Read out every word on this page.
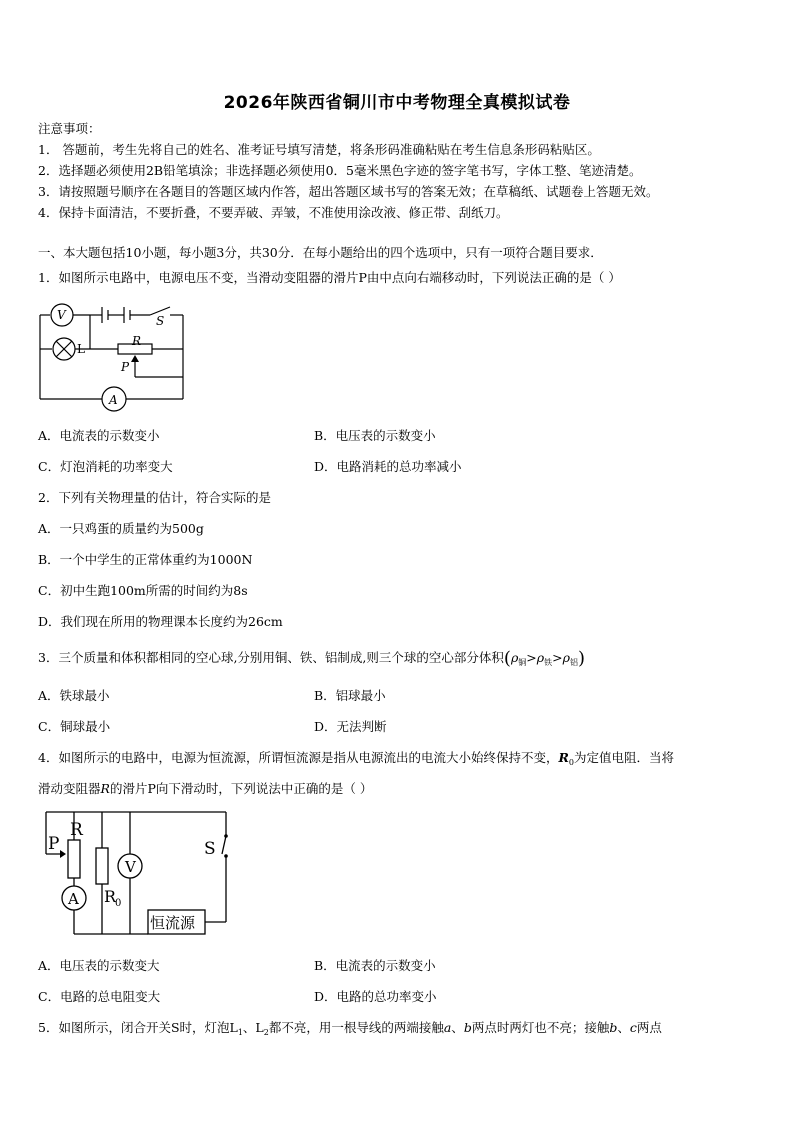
2026年陕西省铜川市中考物理全真模拟试卷
注意事项：
1． 答题前，考生先将自己的姓名、准考证号填写清楚，将条形码准确粘贴在考生信息条形码粘贴区。
2．选择题必须使用2B铅笔填涂；非选择题必须使用0．5毫米黑色字迹的签字笔书写，字体工整、笔迹清楚。
3．请按照题号顺序在各题目的答题区域内作答，超出答题区域书写的答案无效；在草稿纸、试题卷上答题无效。
4．保持卡面清洁，不要折叠，不要弄破、弄皱，不准使用涂改液、修正带、刮纸刀。
一、本大题包括10小题，每小题3分，共30分．在每小题给出的四个选项中，只有一项符合题目要求．
1．如图所示电路中，电源电压不变，当滑动变阻器的滑片P由中点向右端移动时，下列说法正确的是（ ）
V
A
R
P
S
L
A．电流表的示数变小	B．电压表的示数变小
C．灯泡消耗的功率变大	D．电路消耗的总功率减小
2．下列有关物理量的估计，符合实际的是
A．一只鸡蛋的质量约为500g
B．一个中学生的正常体重约为1000N
C．初中生跑100m所需的时间约为8s
D．我们现在所用的物理课本长度约为26cm
3．三个质量和体积都相同的空心球,分别用铜、铁、铝制成,则三个球的空心部分体积$(\rho_铜>\rho_铁>\rho_铝)$
A．铁球最小	B．铝球最小
C．铜球最小	D．无法判断
4．如图所示的电路中，电源为恒流源，所谓恒流源是指从电源流出的电流大小始终保持不变，$R_0$为定值电阻．当将
滑动变阻器R的滑片P向下滑动时，下列说法中正确的是（ ）
P
R
V
A R
0
S
恒流源
A．电压表的示数变大	B．电流表的示数变小
C．电路的总电阻变大	D．电路的总功率变小
5．如图所示，闭合开关S时，灯泡$L_1$、$L_2$都不亮，用一根导线的两端接触a、b两点时两灯也不亮；接触b、c两点
